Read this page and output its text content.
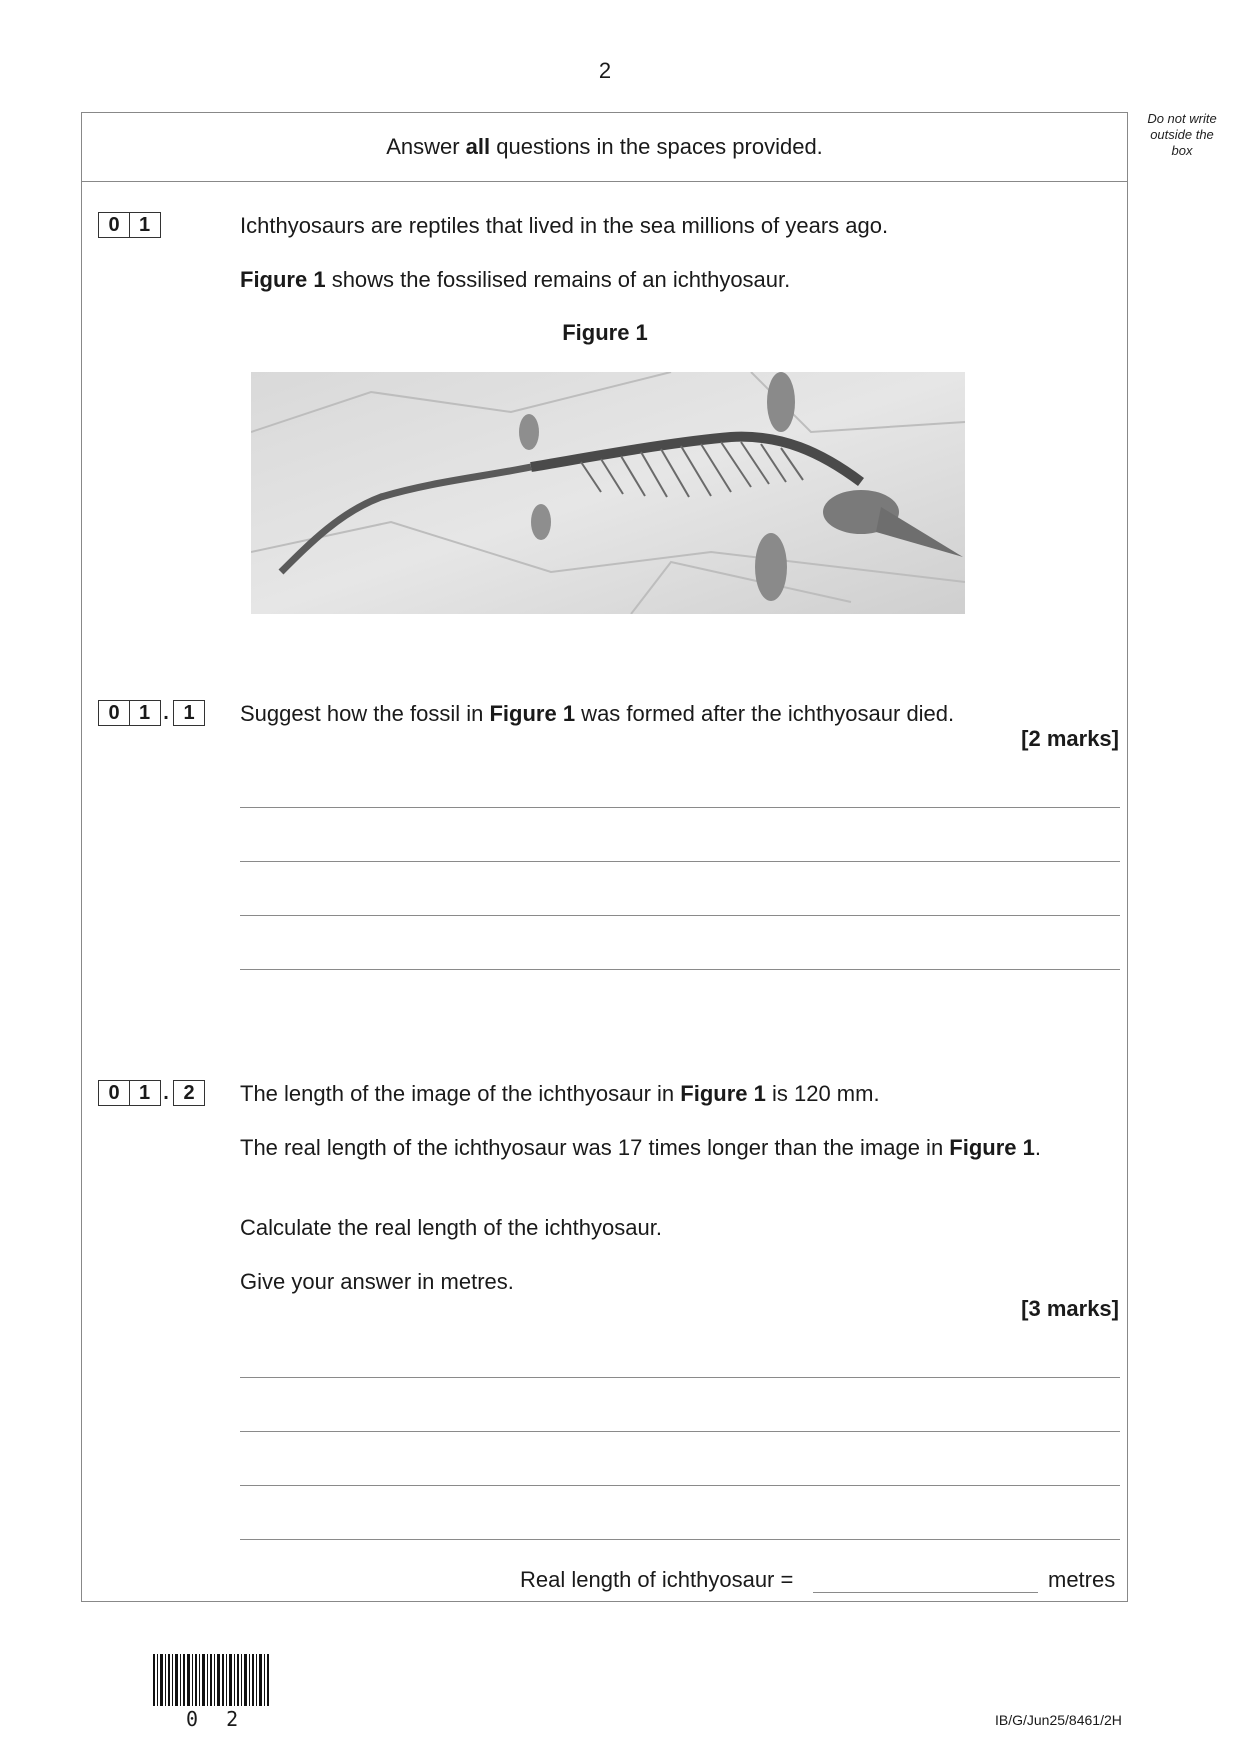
2
Do not write
outside the
box
Answer all questions in the spaces provided.
0 1	Ichthyosaurs are reptiles that lived in the sea millions of years ago.
Figure 1 shows the fossilised remains of an ichthyosaur.
Figure 1
0 1 . 1	Suggest how the fossil in Figure 1 was formed after the ichthyosaur died.
[2 marks]
0 1 . 2	The length of the image of the ichthyosaur in Figure 1 is 120 mm.
The real length of the ichthyosaur was 17 times longer than the image in Figure 1.
Calculate the real length of the ichthyosaur.
Give your answer in metres.
[3 marks]
Real length of ichthyosaur =	metres
0 2	IB/G/Jun25/8461/2H
